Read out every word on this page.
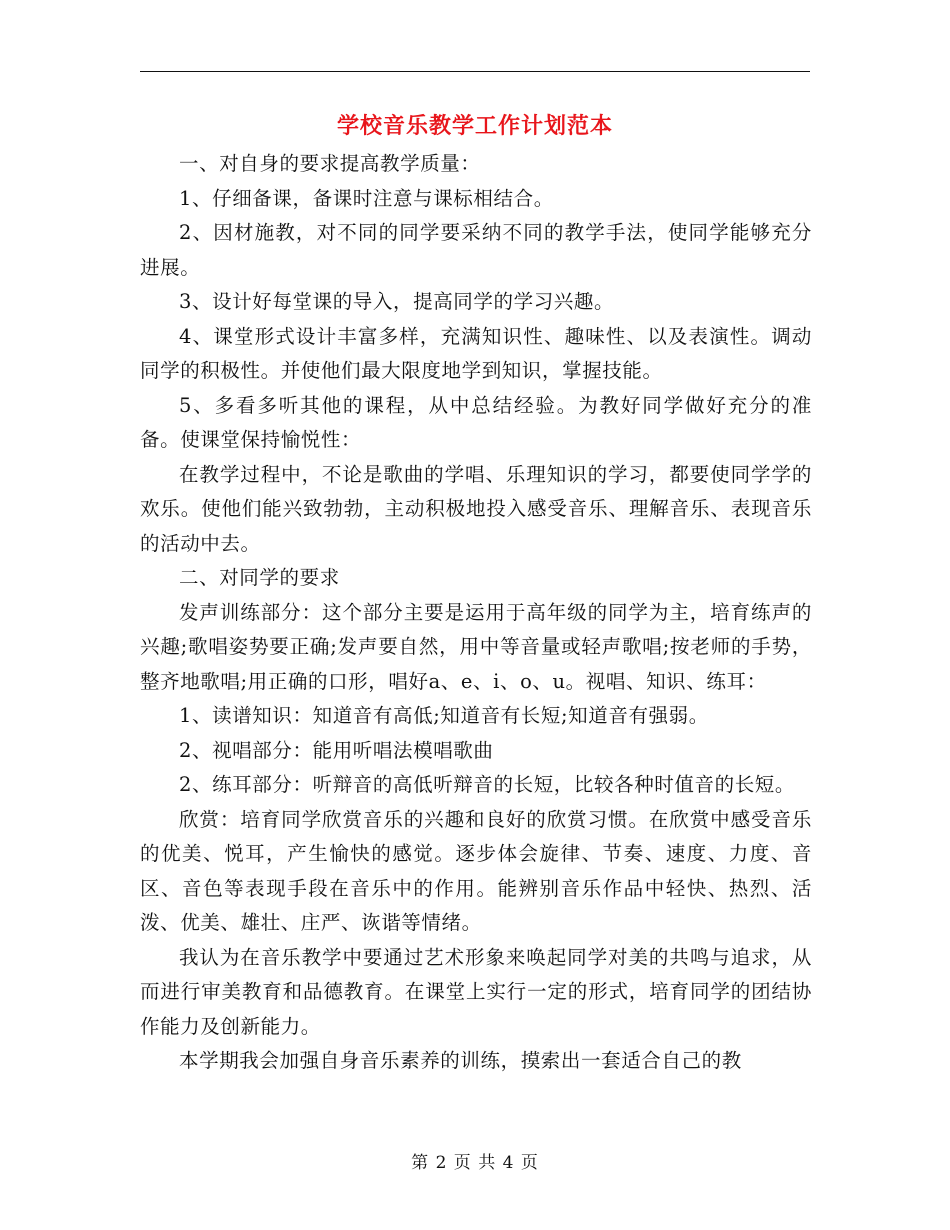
学校音乐教学工作计划范本

一、对自身的要求提高教学质量：

1、仔细备课，备课时注意与课标相结合。

2、因材施教，对不同的同学要采纳不同的教学手法，使同学能够充分进展。

3、设计好每堂课的导入，提高同学的学习兴趣。

4、课堂形式设计丰富多样，充满知识性、趣味性、以及表演性。调动同学的积极性。并使他们最大限度地学到知识，掌握技能。

5、多看多听其他的课程，从中总结经验。为教好同学做好充分的准备。使课堂保持愉悦性：

在教学过程中，不论是歌曲的学唱、乐理知识的学习，都要使同学学的欢乐。使他们能兴致勃勃，主动积极地投入感受音乐、理解音乐、表现音乐的活动中去。

二、对同学的要求

发声训练部分：这个部分主要是运用于高年级的同学为主，培育练声的兴趣;歌唱姿势要正确;发声要自然，用中等音量或轻声歌唱;按老师的手势，整齐地歌唱;用正确的口形，唱好a、e、i、o、u。视唱、知识、练耳：

1、读谱知识：知道音有高低;知道音有长短;知道音有强弱。

2、视唱部分：能用听唱法模唱歌曲

2、练耳部分：听辩音的高低听辩音的长短，比较各种时值音的长短。

欣赏：培育同学欣赏音乐的兴趣和良好的欣赏习惯。在欣赏中感受音乐的优美、悦耳，产生愉快的感觉。逐步体会旋律、节奏、速度、力度、音区、音色等表现手段在音乐中的作用。能辨别音乐作品中轻快、热烈、活泼、优美、雄壮、庄严、诙谐等情绪。

我认为在音乐教学中要通过艺术形象来唤起同学对美的共鸣与追求，从而进行审美教育和品德教育。在课堂上实行一定的形式，培育同学的团结协作能力及创新能力。

本学期我会加强自身音乐素养的训练，摸索出一套适合自己的教

第 2 页 共 4 页
